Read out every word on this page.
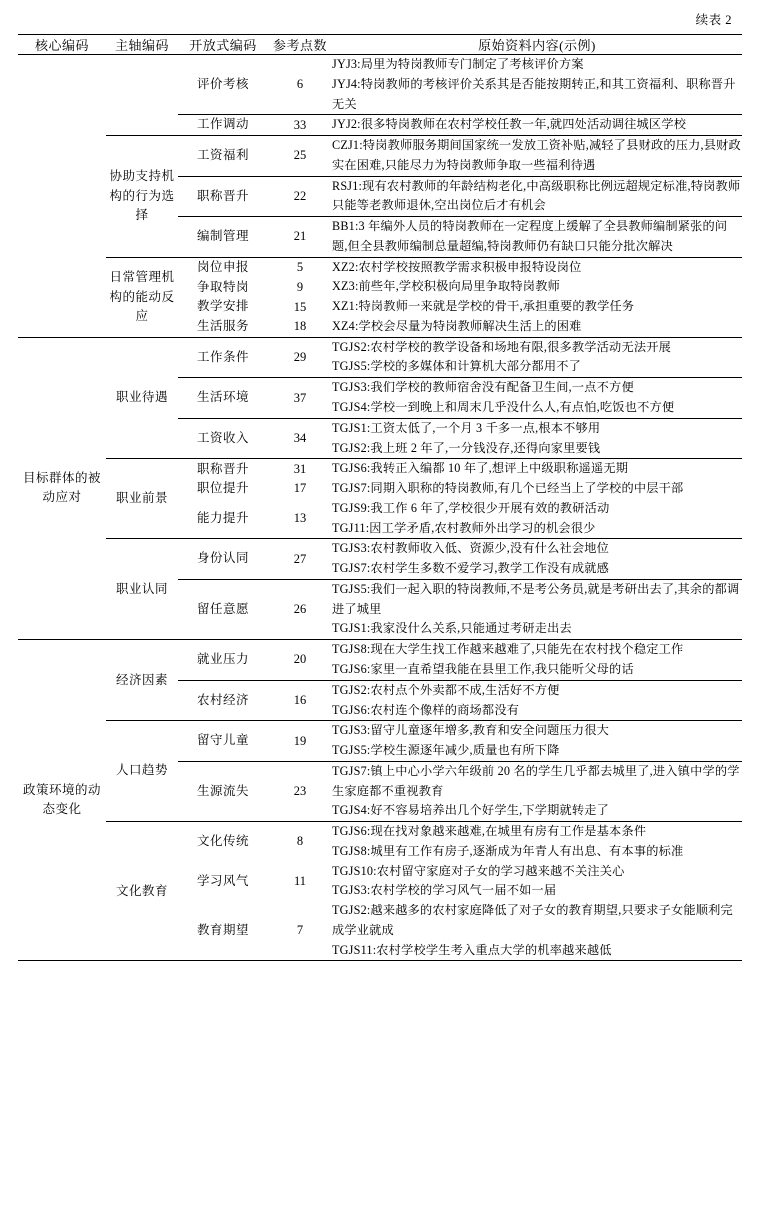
续表 2
核心编码	主轴编码	开放式编码	参考点数	原始资料内容(示例)
		评价考核	6	JYJ3:局里为特岗教师专门制定了考核评价方案
JYJ4:特岗教师的考核评价关系其是否能按期转正,和其工资福利、职称晋升无关

		工作调动	33	JYJ2:很多特岗教师在农村学校任教一年,就四处活动调往城区学校

	协助支持机构的行为选择	工资福利	25	CZJ1:特岗教师服务期间国家统一发放工资补贴,减轻了县财政的压力,县财政实在困难,只能尽力为特岗教师争取一些福利待遇

		职称晋升	22	RSJ1:现有农村教师的年龄结构老化,中高级职称比例远超规定标准,特岗教师只能等老教师退休,空出岗位后才有机会

		编制管理	21	BB1:3 年编外人员的特岗教师在一定程度上缓解了全县教师编制紧张的问题,但全县教师编制总量超编,特岗教师仍有缺口只能分批次解决

	日常管理机构的能动反应	岗位申报	5	XZ2:农村学校按照教学需求积极申报特设岗位

		争取特岗	9	XZ3:前些年,学校积极向局里争取特岗教师

		教学安排	15	XZ1:特岗教师一来就是学校的骨干,承担重要的教学任务

		生活服务	18	XZ4:学校会尽量为特岗教师解决生活上的困难

目标群体的被动应对	职业待遇	工作条件	29	TGJS2:农村学校的教学设备和场地有限,很多教学活动无法开展
TGJS5:学校的多媒体和计算机大部分都用不了

		生活环境	37	TGJS3:我们学校的教师宿舍没有配备卫生间,一点不方便
TGJS4:学校一到晚上和周末几乎没什么人,有点怕,吃饭也不方便

		工资收入	34	TGJS1:工资太低了,一个月 3 千多一点,根本不够用
TGJS2:我上班 2 年了,一分钱没存,还得向家里要钱

	职业前景	职称晋升	31	TGJS6:我转正入编都 10 年了,想评上中级职称遥遥无期

		职位提升	17	TGJS7:同期入职称的特岗教师,有几个已经当上了学校的中层干部

		能力提升	13	TGJS9:我工作 6 年了,学校很少开展有效的教研活动
TGJ11:因工学矛盾,农村教师外出学习的机会很少

	职业认同	身份认同	27	TGJS3:农村教师收入低、资源少,没有什么社会地位
TGJS7:农村学生多数不爱学习,教学工作没有成就感

		留任意愿	26	TGJS5:我们一起入职的特岗教师,不是考公务员,就是考研出去了,其余的都调进了城里
TGJS1:我家没什么关系,只能通过考研走出去

政策环境的动态变化	经济因素	就业压力	20	TGJS8:现在大学生找工作越来越难了,只能先在农村找个稳定工作
TGJS6:家里一直希望我能在县里工作,我只能听父母的话

		农村经济	16	TGJS2:农村点个外卖都不成,生活好不方便
TGJS6:农村连个像样的商场都没有

	人口趋势	留守儿童	19	TGJS3:留守儿童逐年增多,教育和安全问题压力很大
TGJS5:学校生源逐年减少,质量也有所下降

		生源流失	23	TGJS7:镇上中心小学六年级前 20 名的学生几乎都去城里了,进入镇中学的学生家庭都不重视教育
TGJS4:好不容易培养出几个好学生,下学期就转走了

	文化教育	文化传统	8	TGJS6:现在找对象越来越难,在城里有房有工作是基本条件
TGJS8:城里有工作有房子,逐渐成为年青人有出息、有本事的标准

		学习风气	11	TGJS10:农村留守家庭对子女的学习越来越不关注关心
TGJS3:农村学校的学习风气一届不如一届

		教育期望	7	TGJS2:越来越多的农村家庭降低了对子女的教育期望,只要求子女能顺利完成学业就成
TGJS11:农村学校学生考入重点大学的机率越来越低
